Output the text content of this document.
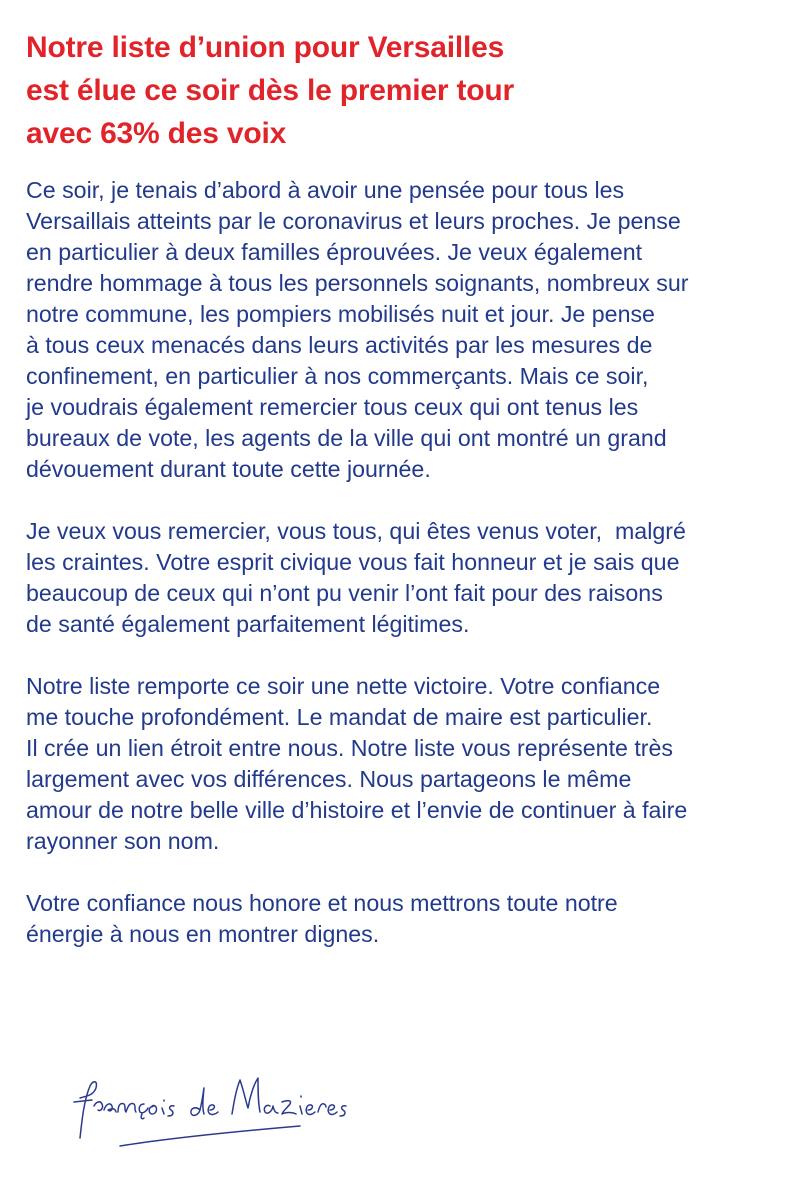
Notre liste d’union pour Versailles
est élue ce soir dès le premier tour
avec 63% des voix

Ce soir, je tenais d’abord à avoir une pensée pour tous les
Versaillais atteints par le coronavirus et leurs proches. Je pense
en particulier à deux familles éprouvées. Je veux également
rendre hommage à tous les personnels soignants, nombreux sur
notre commune, les pompiers mobilisés nuit et jour. Je pense
à tous ceux menacés dans leurs activités par les mesures de
confinement, en particulier à nos commerçants. Mais ce soir,
je voudrais également remercier tous ceux qui ont tenus les
bureaux de vote, les agents de la ville qui ont montré un grand
dévouement durant toute cette journée.

Je veux vous remercier, vous tous, qui êtes venus voter,  malgré
les craintes. Votre esprit civique vous fait honneur et je sais que
beaucoup de ceux qui n’ont pu venir l’ont fait pour des raisons
de santé également parfaitement légitimes.

Notre liste remporte ce soir une nette victoire. Votre confiance
me touche profondément. Le mandat de maire est particulier.
Il crée un lien étroit entre nous. Notre liste vous représente très
largement avec vos différences. Nous partageons le même
amour de notre belle ville d’histoire et l’envie de continuer à faire
rayonner son nom.

Votre confiance nous honore et nous mettrons toute notre
énergie à nous en montrer dignes.
